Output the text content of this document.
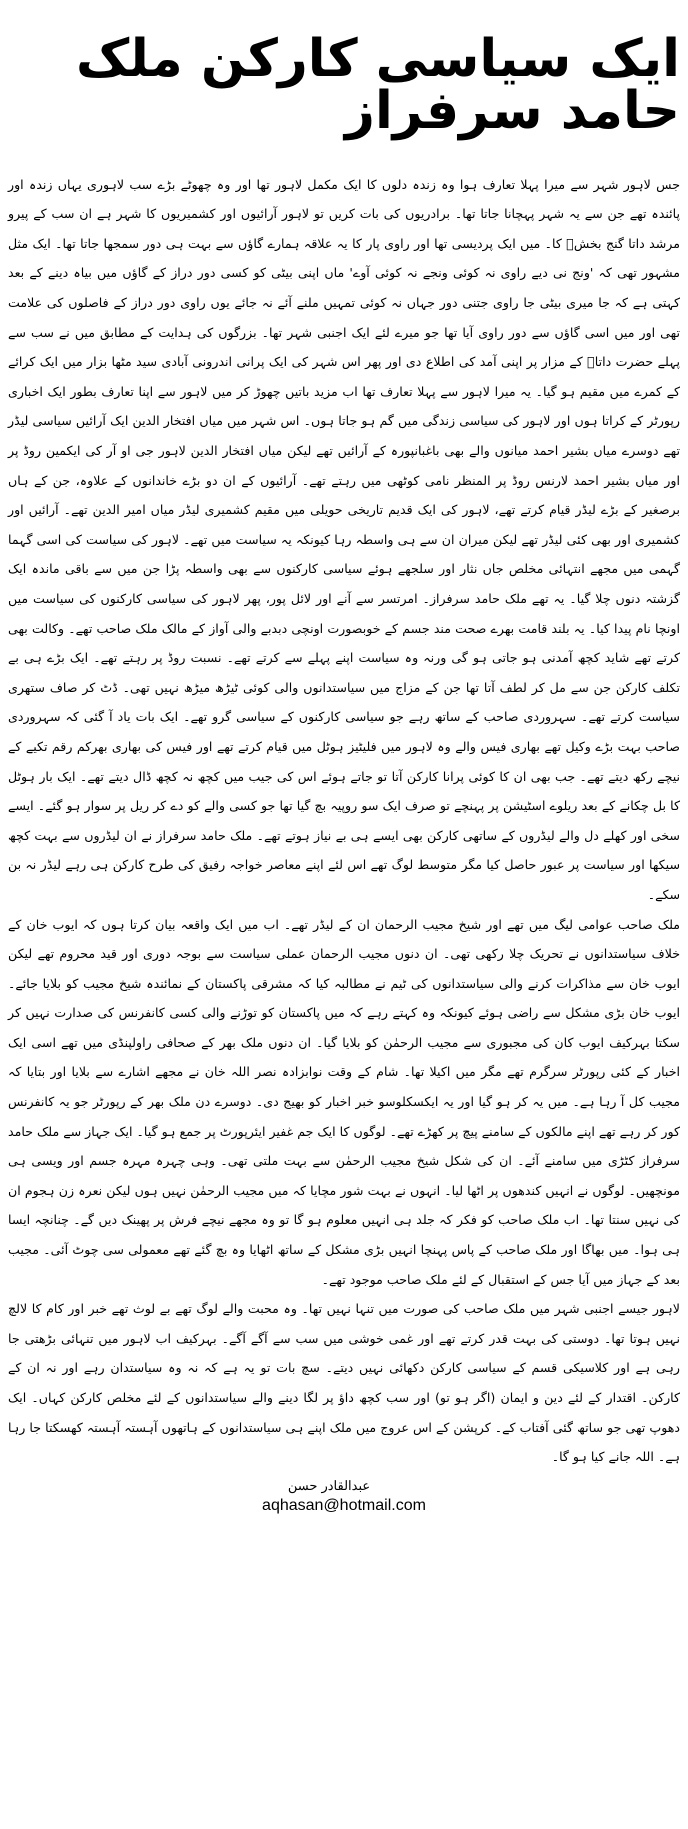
ایک سیاسی کارکن ملک حامد سرفراز

جس لاہور شہر سے میرا پہلا تعارف ہوا وہ زندہ دلوں کا ایک مکمل لاہور تھا اور وہ چھوٹے بڑے سب لاہوری یہاں زندہ اور پائندہ تھے جن سے یہ شہر پہچانا جاتا تھا۔ برادریوں کی بات کریں تو لاہور آرائیوں اور کشمیریوں کا شہر ہے ان سب کے پیرو مرشد داتا گنج بخشؒ کا۔ میں ایک پردیسی تھا اور راوی پار کا یہ علاقہ ہمارے گاؤں سے بہت ہی دور سمجھا جاتا تھا۔ ایک مثل مشہور تھی کہ 'ونج نی دیے راوی نہ کوئی ونجے نہ کوئی آوے' ماں اپنی بیٹی کو کسی دور دراز کے گاؤں میں بیاہ دینے کے بعد کہتی ہے کہ جا میری بیٹی جا راوی جتنی دور جہاں نہ کوئی تمہیں ملنے آئے نہ جائے یوں راوی دور دراز کے فاصلوں کی علامت تھی اور میں اسی گاؤں سے دور راوی آیا تھا جو میرے لئے ایک اجنبی شہر تھا۔ بزرگوں کی ہدایت کے مطابق میں نے سب سے پہلے حضرت داتاؒ کے مزار پر اپنی آمد کی اطلاع دی اور پھر اس شہر کی ایک پرانی اندرونی آبادی سید مٹھا بزار میں ایک کرائے کے کمرے میں مقیم ہو گیا۔ یہ میرا لاہور سے پہلا تعارف تھا اب مزید باتیں چھوڑ کر میں لاہور سے اپنا تعارف بطور ایک اخباری رپورٹر کے کراتا ہوں اور لاہور کی سیاسی زندگی میں گم ہو جاتا ہوں۔ اس شہر میں میاں افتخار الدین ایک آرائیں سیاسی لیڈر تھے دوسرے میاں بشیر احمد میانوں والے بھی باغبانپورہ کے آرائیں تھے لیکن میاں افتخار الدین لاہور جی او آر کی ایکمین روڈ پر اور میاں بشیر احمد لارنس روڈ پر المنظر نامی کوٹھی میں رہتے تھے۔ آرائیوں کے ان دو بڑے خاندانوں کے علاوہ، جن کے ہاں برصغیر کے بڑے لیڈر قیام کرتے تھے، لاہور کی ایک قدیم تاریخی حویلی میں مقیم کشمیری لیڈر میاں امیر الدین تھے۔ آرائیں اور کشمیری اور بھی کئی لیڈر تھے لیکن میران ان سے ہی واسطہ رہا کیونکہ یہ سیاست میں تھے۔ لاہور کی سیاست کی اسی گہما گہمی میں مجھے انتہائی مخلص جاں نثار اور سلجھے ہوئے سیاسی کارکنوں سے بھی واسطہ پڑا جن میں سے باقی ماندہ ایک گزشتہ دنوں چلا گیا۔ یہ تھے ملک حامد سرفراز۔ امرتسر سے آنے اور لائل پور، پھر لاہور کی سیاسی کارکنوں کی سیاست میں اونچا نام پیدا کیا۔ یہ بلند قامت بھرے صحت مند جسم کے خوبصورت اونچی دبدبے والی آواز کے مالک ملک صاحب تھے۔ وکالت بھی کرتے تھے شاید کچھ آمدنی ہو جاتی ہو گی ورنہ وہ سیاست اپنے پہلے سے کرتے تھے۔ نسبت روڈ پر رہتے تھے۔ ایک بڑے ہی بے تکلف کارکن جن سے مل کر لطف آتا تھا جن کے مزاج میں سیاستدانوں والی کوئی ٹیڑھ میڑھ نہیں تھی۔ ڈٹ کر صاف ستھری سیاست کرتے تھے۔ سہروردی صاحب کے ساتھ رہے جو سیاسی کارکنوں کے سیاسی گرو تھے۔ ایک بات یاد آ گئی کہ سہروردی صاحب بہت بڑے وکیل تھے بھاری فیس والے وہ لاہور میں فلیٹیز ہوٹل میں قیام کرتے تھے اور فیس کی بھاری بھرکم رقم تکیے کے نیچے رکھ دیتے تھے۔ جب بھی ان کا کوئی پرانا کارکن آتا تو جاتے ہوئے اس کی جیب میں کچھ نہ کچھ ڈال دیتے تھے۔ ایک بار ہوٹل کا بل چکانے کے بعد ریلوے اسٹیشن پر پہنچے تو صرف ایک سو روپیہ بچ گیا تھا جو کسی والے کو دے کر ریل پر سوار ہو گئے۔ ایسے سخی اور کھلے دل والے لیڈروں کے ساتھی کارکن بھی ایسے ہی بے نیاز ہوتے تھے۔ ملک حامد سرفراز نے ان لیڈروں سے بہت کچھ سیکھا اور سیاست پر عبور حاصل کیا مگر متوسط لوگ تھے اس لئے اپنے معاصر خواجہ رفیق کی طرح کارکن ہی رہے لیڈر نہ بن سکے۔

ملک صاحب عوامی لیگ میں تھے اور شیخ مجیب الرحمان ان کے لیڈر تھے۔ اب میں ایک واقعہ بیان کرتا ہوں کہ ایوب خان کے خلاف سیاستدانوں نے تحریک چلا رکھی تھی۔ ان دنوں مجیب الرحمان عملی سیاست سے بوجہ دوری اور قید محروم تھے لیکن ایوب خان سے مذاکرات کرنے والی سیاستدانوں کی ٹیم نے مطالبہ کیا کہ مشرقی پاکستان کے نمائندہ شیخ مجیب کو بلایا جائے۔ ایوب خان بڑی مشکل سے راضی ہوئے کیونکہ وہ کہتے رہے کہ میں پاکستان کو توڑنے والی کسی کانفرنس کی صدارت نہیں کر سکتا بہرکیف ایوب کان کی مجبوری سے مجیب الرحمٰن کو بلایا گیا۔ ان دنوں ملک بھر کے صحافی راولپنڈی میں تھے اسی ایک اخبار کے کئی رپورٹر سرگرم تھے مگر میں اکیلا تھا۔ شام کے وقت نوابزادہ نصر اللہ خان نے مجھے اشارے سے بلایا اور بتایا کہ مجیب کل آ رہا ہے۔ میں یہ کر ہو گیا اور یہ ایکسکلوسو خبر اخبار کو بھیج دی۔ دوسرے دن ملک بھر کے رپورٹر جو یہ کانفرنس کور کر رہے تھے اپنے مالکوں کے سامنے پیچ پر کھڑے تھے۔ لوگوں کا ایک جم غفیر ایئرپورٹ پر جمع ہو گیا۔ ایک جہاز سے ملک حامد سرفراز کٹڑی میں سامنے آئے۔ ان کی شکل شیخ مجیب الرحمٰن سے بہت ملتی تھی۔ وہی چہرہ مہرہ جسم اور ویسی ہی مونچھیں۔ لوگوں نے انہیں کندھوں پر اٹھا لیا۔ انہوں نے بہت شور مچایا کہ میں مجیب الرحمٰن نہیں ہوں لیکن نعرہ زن ہجوم ان کی نہیں سنتا تھا۔ اب ملک صاحب کو فکر کہ جلد ہی انہیں معلوم ہو گا تو وہ مجھے نیچے فرش پر پھینک دیں گے۔ چنانچہ ایسا ہی ہوا۔ میں بھاگا اور ملک صاحب کے پاس پہنچا انہیں بڑی مشکل کے ساتھ اٹھایا وہ بچ گئے تھے معمولی سی چوٹ آئی۔ مجیب بعد کے جہاز میں آیا جس کے استقبال کے لئے ملک صاحب موجود تھے۔

لاہور جیسے اجنبی شہر میں ملک صاحب کی صورت میں تنہا نہیں تھا۔ وہ محبت والے لوگ تھے بے لوث تھے خبر اور کام کا لالچ نہیں ہوتا تھا۔ دوستی کی بہت قدر کرتے تھے اور غمی خوشی میں سب سے آگے آگے۔ بہرکیف اب لاہور میں تنہائی بڑھتی جا رہی ہے اور کلاسیکی قسم کے سیاسی کارکن دکھائی نہیں دیتے۔ سچ بات تو یہ ہے کہ نہ وہ سیاستدان رہے اور نہ ان کے کارکن۔ اقتدار کے لئے دین و ایمان (اگر ہو تو) اور سب کچھ داؤ پر لگا دینے والے سیاستدانوں کے لئے مخلص کارکن کہاں۔ ایک دھوپ تھی جو ساتھ گئی آفتاب کے۔ کرپشن کے اس عروج میں ملک اپنے ہی سیاستدانوں کے ہاتھوں آہستہ آہستہ کھسکتا جا رہا ہے۔ اللہ جانے کیا ہو گا۔

عبدالقادر حسن
aqhasan@hotmail.com
